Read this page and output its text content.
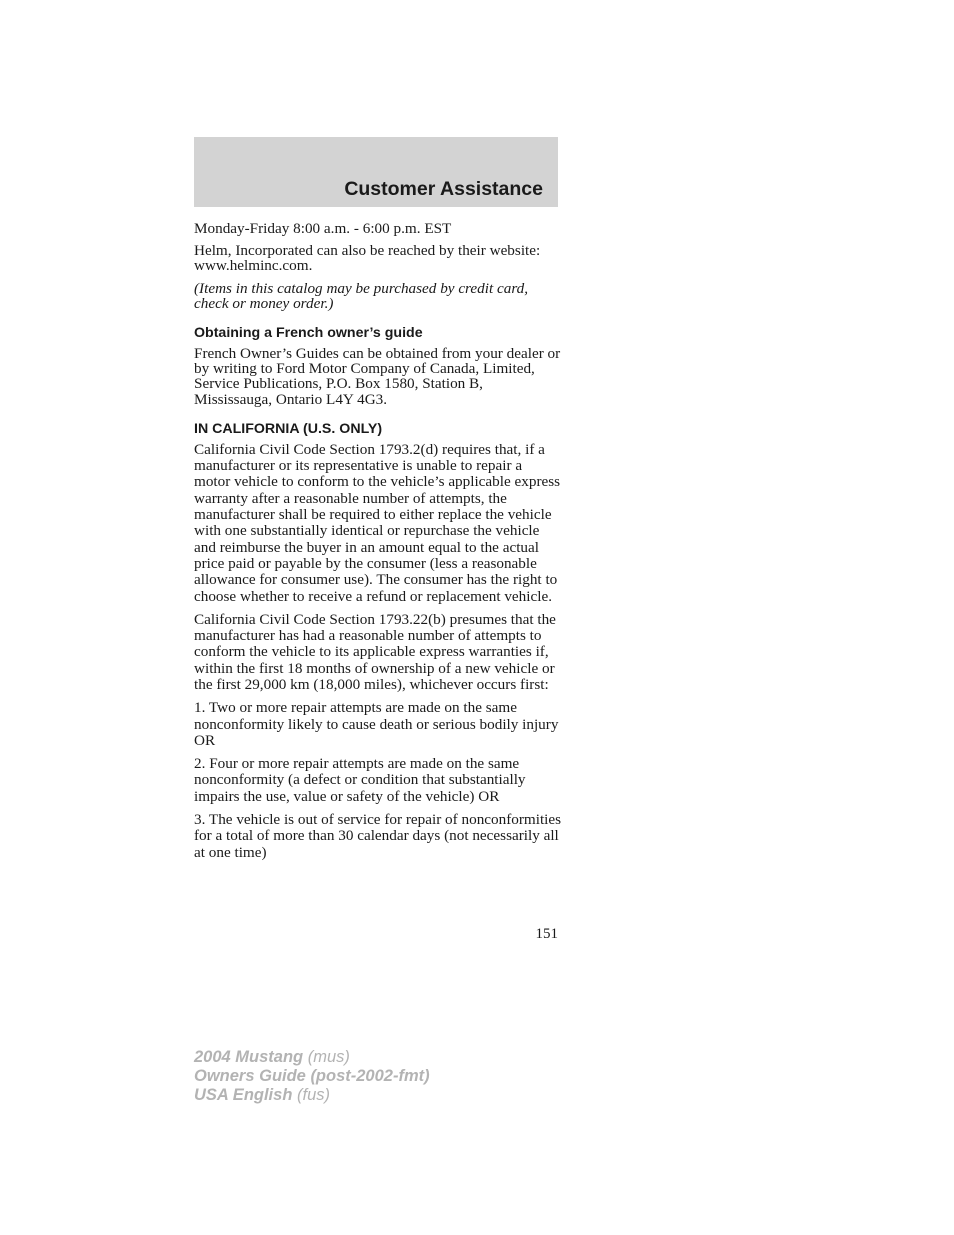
Customer Assistance

Monday-Friday 8:00 a.m. - 6:00 p.m. EST

Helm, Incorporated can also be reached by their website: www.helminc.com.

(Items in this catalog may be purchased by credit card, check or money order.)

Obtaining a French owner’s guide

French Owner’s Guides can be obtained from your dealer or by writing to Ford Motor Company of Canada, Limited, Service Publications, P.O. Box 1580, Station B, Mississauga, Ontario L4Y 4G3.

IN CALIFORNIA (U.S. ONLY)

California Civil Code Section 1793.2(d) requires that, if a manufacturer or its representative is unable to repair a motor vehicle to conform to the vehicle’s applicable express warranty after a reasonable number of attempts, the manufacturer shall be required to either replace the vehicle with one substantially identical or repurchase the vehicle and reimburse the buyer in an amount equal to the actual price paid or payable by the consumer (less a reasonable allowance for consumer use). The consumer has the right to choose whether to receive a refund or replacement vehicle.

California Civil Code Section 1793.22(b) presumes that the manufacturer has had a reasonable number of attempts to conform the vehicle to its applicable express warranties if, within the first 18 months of ownership of a new vehicle or the first 29,000 km (18,000 miles), whichever occurs first:

1. Two or more repair attempts are made on the same nonconformity likely to cause death or serious bodily injury OR

2. Four or more repair attempts are made on the same nonconformity (a defect or condition that substantially impairs the use, value or safety of the vehicle) OR

3. The vehicle is out of service for repair of nonconformities for a total of more than 30 calendar days (not necessarily all at one time)

151
2004 Mustang (mus)
Owners Guide (post-2002-fmt)
USA English (fus)
